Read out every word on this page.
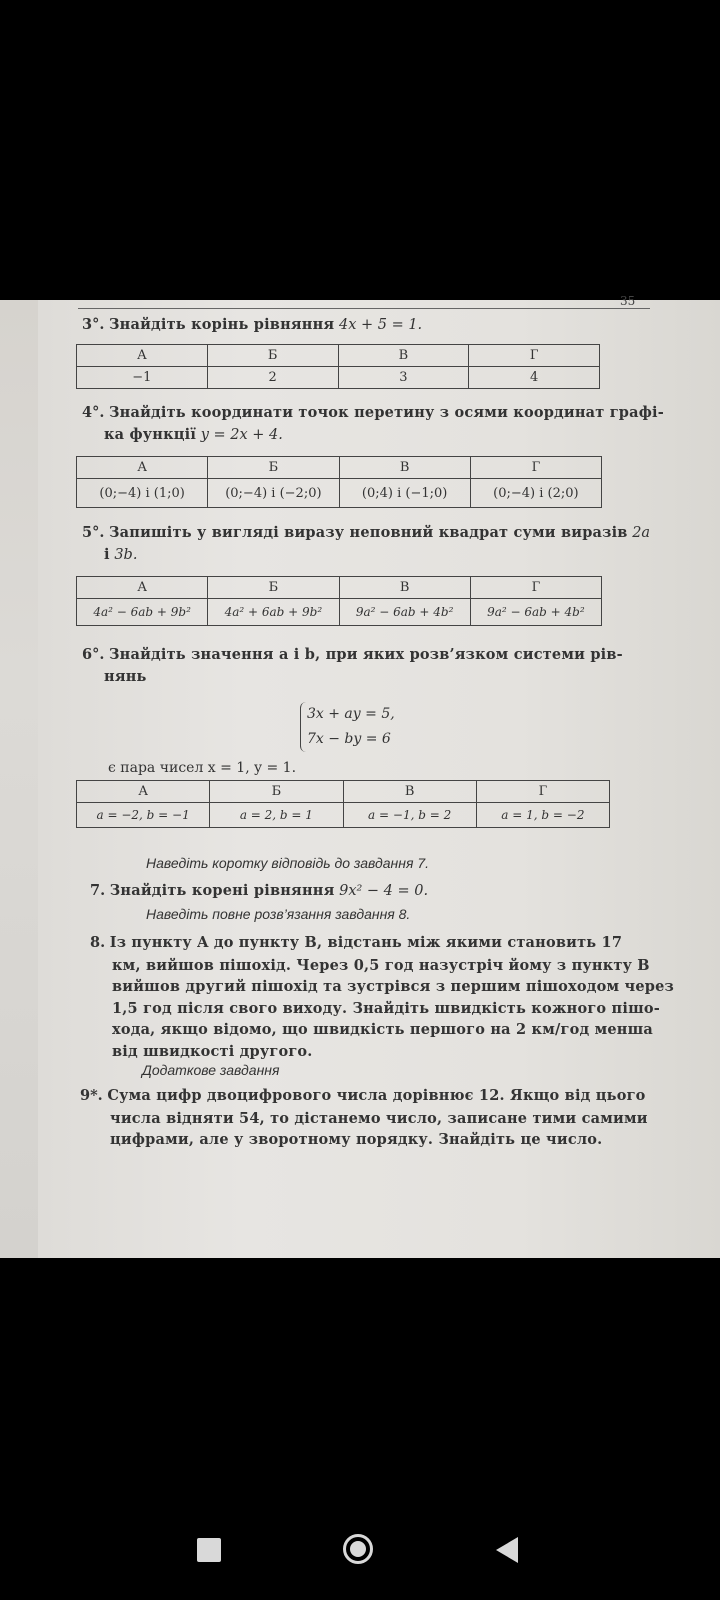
35
3°. Знайдіть корінь рівняння 4x + 5 = 1.
А	Б	В	Г
−1	2	3	4
4°. Знайдіть координати точок перетину з осями координат графі-
ка функції y = 2x + 4.
А	Б	В	Г
(0;−4) і (1;0)	(0;−4) і (−2;0)	(0;4) і (−1;0)	(0;−4) і (2;0)
5°. Запишіть у вигляді виразу неповний квадрат суми виразів 2a
і 3b.
А	Б	В	Г
4a² − 6ab + 9b²	4a² + 6ab + 9b²	9a² − 6ab + 4b²	9a² − 6ab + 4b²
6°. Знайдіть значення a і b, при яких розв’язком системи рів-
нянь
3x + ay = 5,
7x − by = 6
є пара чисел x = 1, y = 1.
А	Б	В	Г
a = −2, b = −1	a = 2, b = 1	a = −1, b = 2	a = 1, b = −2
Наведіть коротку відповідь до завдання 7.
7. Знайдіть корені рівняння 9x² − 4 = 0.
Наведіть повне розв’язання завдання 8.
8. Із пункту A до пункту B, відстань між якими становить 17
км, вийшов пішохід. Через 0,5 год назустріч йому з пункту B
вийшов другий пішохід та зустрівся з першим пішоходом через
1,5 год після свого виходу. Знайдіть швидкість кожного пішо-
хода, якщо відомо, що швидкість першого на 2 км/год менша
від швидкості другого.
Додаткове завдання
9*. Сума цифр двоцифрового числа дорівнює 12. Якщо від цього
числа відняти 54, то дістанемо число, записане тими самими
цифрами, але у зворотному порядку. Знайдіть це число.
